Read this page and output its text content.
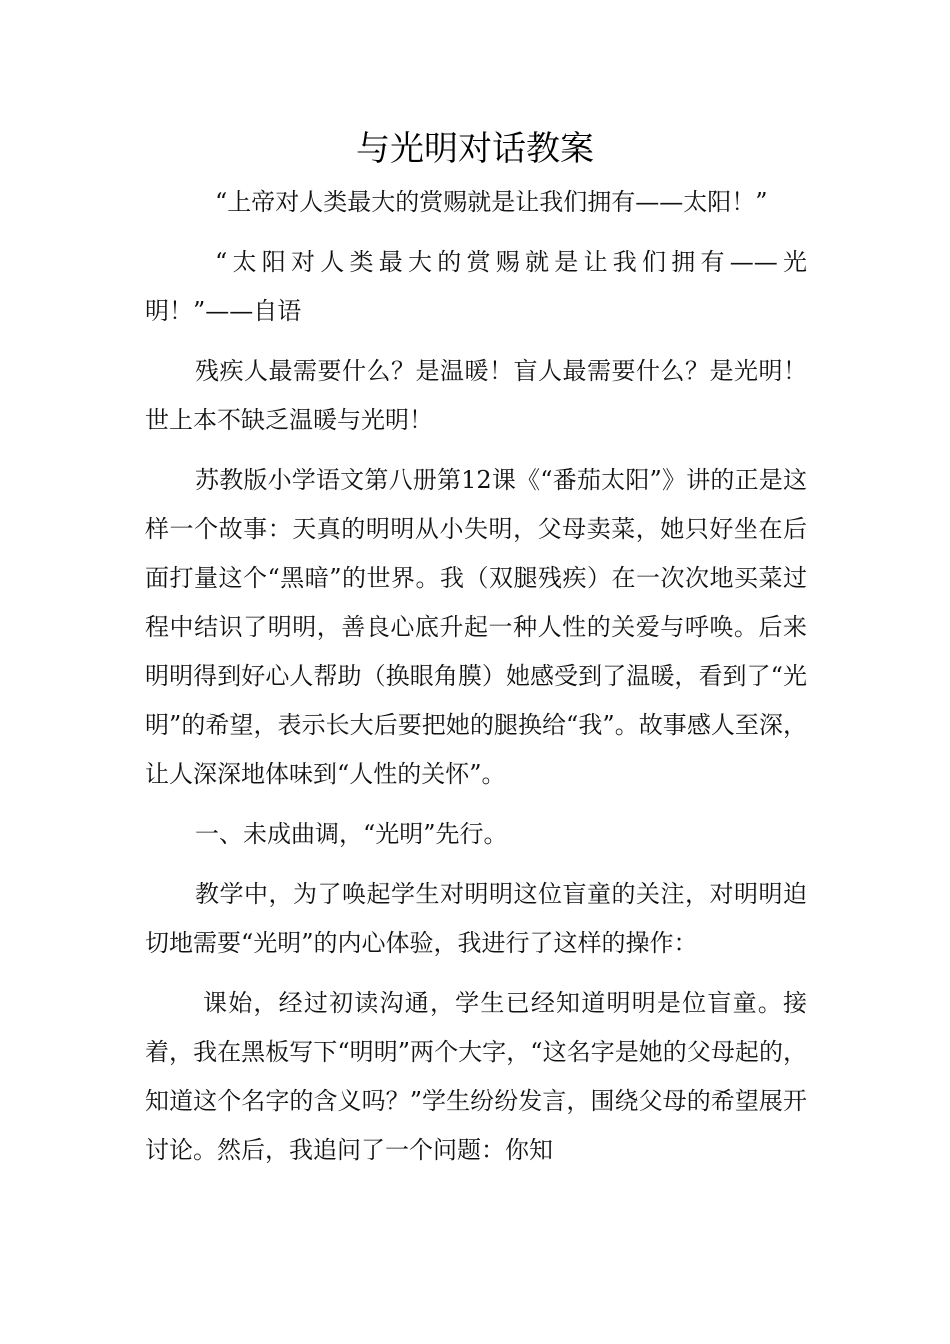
与光明对话教案

“上帝对人类最大的赏赐就是让我们拥有——太阳！”

“太阳对人类最大的赏赐就是让我们拥有——光明！”——自语

残疾人最需要什么？是温暖！盲人最需要什么？是光明！世上本不缺乏温暖与光明！

苏教版小学语文第八册第12课《“番茄太阳”》讲的正是这样一个故事：天真的明明从小失明，父母卖菜，她只好坐在后面打量这个“黑暗”的世界。我（双腿残疾）在一次次地买菜过程中结识了明明，善良心底升起一种人性的关爱与呼唤。后来明明得到好心人帮助（换眼角膜）她感受到了温暖，看到了“光明”的希望，表示长大后要把她的腿换给“我”。故事感人至深，让人深深地体味到“人性的关怀”。

一、未成曲调，“光明”先行。

教学中，为了唤起学生对明明这位盲童的关注，对明明迫切地需要“光明”的内心体验，我进行了这样的操作：

课始，经过初读沟通，学生已经知道明明是位盲童。接着，我在黑板写下“明明”两个大字，“这名字是她的父母起的，知道这个名字的含义吗？”学生纷纷发言，围绕父母的希望展开讨论。然后，我追问了一个问题：你知
